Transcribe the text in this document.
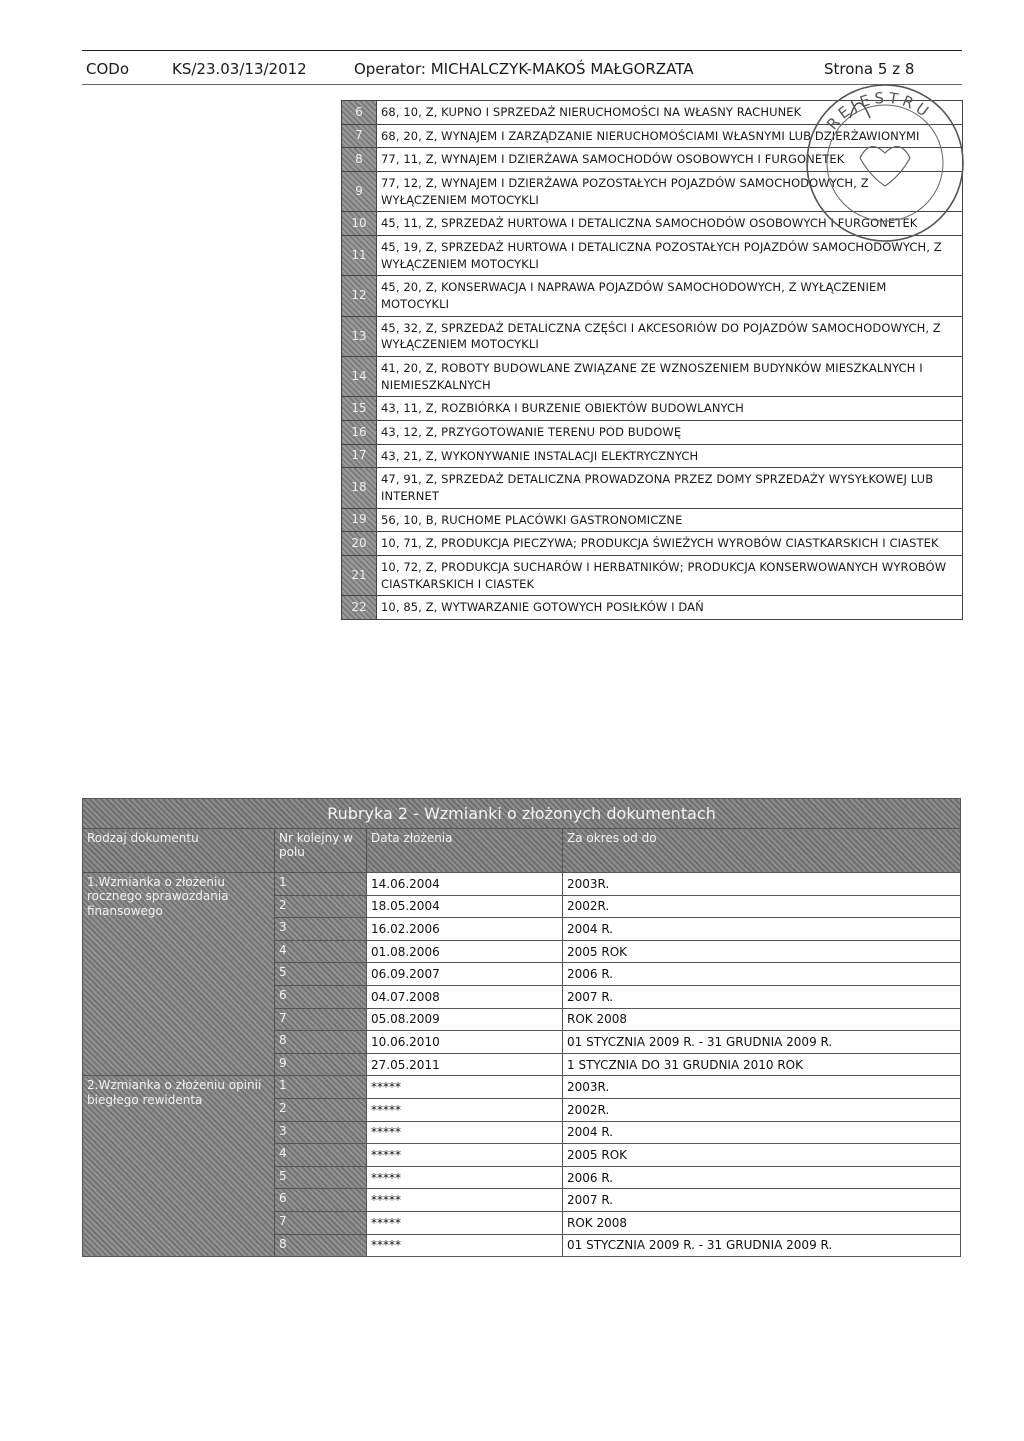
CODo	KS/23.03/13/2012	Operator: MICHALCZYK-MAKOŚ MAŁGORZATA	Strona 5 z 8
6	68, 10, Z, KUPNO I SPRZEDAŻ NIERUCHOMOŚCI NA WŁASNY RACHUNEK
7	68, 20, Z, WYNAJEM I ZARZĄDZANIE NIERUCHOMOŚCIAMI WŁASNYMI LUB DZIERŻAWIONYMI
8	77, 11, Z, WYNAJEM I DZIERŻAWA SAMOCHODÓW OSOBOWYCH I FURGONETEK
9	77, 12, Z, WYNAJEM I DZIERŻAWA POZOSTAŁYCH POJAZDÓW SAMOCHODOWYCH, Z WYŁĄCZENIEM MOTOCYKLI
10	45, 11, Z, SPRZEDAŻ HURTOWA I DETALICZNA SAMOCHODÓW OSOBOWYCH I FURGONETEK
11	45, 19, Z, SPRZEDAŻ HURTOWA I DETALICZNA POZOSTAŁYCH POJAZDÓW SAMOCHODOWYCH, Z WYŁĄCZENIEM MOTOCYKLI
12	45, 20, Z, KONSERWACJA I NAPRAWA POJAZDÓW SAMOCHODOWYCH, Z WYŁĄCZENIEM MOTOCYKLI
13	45, 32, Z, SPRZEDAŻ DETALICZNA CZĘŚCI I AKCESORIÓW DO POJAZDÓW SAMOCHODOWYCH, Z WYŁĄCZENIEM MOTOCYKLI
14	41, 20, Z, ROBOTY BUDOWLANE ZWIĄZANE ZE WZNOSZENIEM BUDYNKÓW MIESZKALNYCH I NIEMIESZKALNYCH
15	43, 11, Z, ROZBIÓRKA I BURZENIE OBIEKTÓW BUDOWLANYCH
16	43, 12, Z, PRZYGOTOWANIE TERENU POD BUDOWĘ
17	43, 21, Z, WYKONYWANIE INSTALACJI ELEKTRYCZNYCH
18	47, 91, Z, SPRZEDAŻ DETALICZNA PROWADZONA PRZEZ DOMY SPRZEDAŻY WYSYŁKOWEJ LUB INTERNET
19	56, 10, B, RUCHOME PLACÓWKI GASTRONOMICZNE
20	10, 71, Z, PRODUKCJA PIECZYWA; PRODUKCJA ŚWIEŻYCH WYROBÓW CIASTKARSKICH I CIASTEK
21	10, 72, Z, PRODUKCJA SUCHARÓW I HERBATNIKÓW; PRODUKCJA KONSERWOWANYCH WYROBÓW CIASTKARSKICH I CIASTEK
22	10, 85, Z, WYTWARZANIE GOTOWYCH POSIŁKÓW I DAŃ
REJESTRU
Rubryka 2 - Wzmianki o złożonych dokumentach			
Rodzaj dokumentu	Nr kolejny w polu	Data złożenia	Za okres od do
1.Wzmianka o złożeniu rocznego sprawozdania finansowego	1	14.06.2004	2003R.
	2	18.05.2004	2002R.
	3	16.02.2006	2004 R.
	4	01.08.2006	2005 ROK
	5	06.09.2007	2006 R.
	6	04.07.2008	2007 R.
	7	05.08.2009	ROK 2008
	8	10.06.2010	01 STYCZNIA 2009 R. - 31 GRUDNIA 2009 R.
	9	27.05.2011	1 STYCZNIA DO 31 GRUDNIA 2010 ROK
2.Wzmianka o złożeniu opinii biegłego rewidenta	1	*****	2003R.
	2	*****	2002R.
	3	*****	2004 R.
	4	*****	2005 ROK
	5	*****	2006 R.
	6	*****	2007 R.
	7	*****	ROK 2008
	8	*****	01 STYCZNIA 2009 R. - 31 GRUDNIA 2009 R.
